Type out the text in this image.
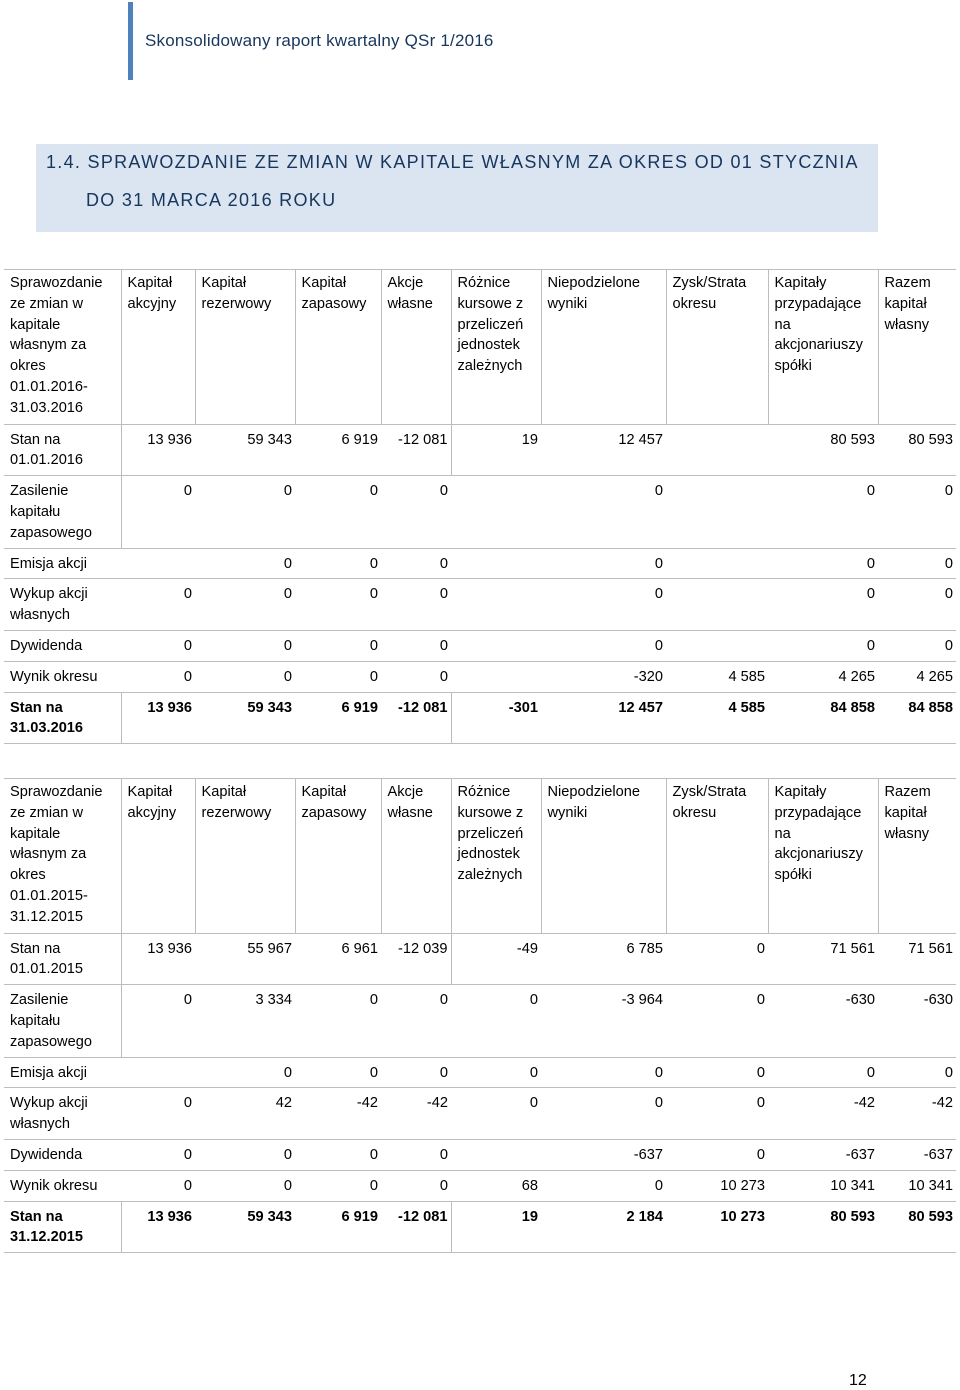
Skonsolidowany raport kwartalny QSr 1/2016
1.4. SPRAWOZDANIE ZE ZMIAN W KAPITALE WŁASNYM ZA OKRES OD 01 STYCZNIA
DO 31 MARCA 2016 ROKU
Sprawozdanie ze zmian w kapitale własnym za okres 01.01.2016-31.03.2016	Kapitał akcyjny	Kapitał rezerwowy	Kapitał zapasowy	Akcje własne	Różnice kursowe z przeliczeń jednostek zależnych	Niepodzielone wyniki	Zysk/Strata okresu	Kapitały przypadające na akcjonariuszy spółki	Razem kapitał własny
Stan na 01.01.2016	13 936	59 343	6 919	-12 081	19	12 457		80 593	80 593
Zasilenie kapitału zapasowego	0	0	0	0		0		0	0
Emisja akcji		0	0	0		0		0	0
Wykup akcji własnych	0	0	0	0		0		0	0
Dywidenda	0	0	0	0		0		0	0
Wynik okresu	0	0	0	0		-320	4 585	4 265	4 265
Stan na 31.03.2016	13 936	59 343	6 919	-12 081	-301	12 457	4 585	84 858	84 858
Sprawozdanie ze zmian w kapitale własnym za okres 01.01.2015-31.12.2015	Kapitał akcyjny	Kapitał rezerwowy	Kapitał zapasowy	Akcje własne	Różnice kursowe z przeliczeń jednostek zależnych	Niepodzielone wyniki	Zysk/Strata okresu	Kapitały przypadające na akcjonariuszy spółki	Razem kapitał własny
Stan na 01.01.2015	13 936	55 967	6 961	-12 039	-49	6 785	0	71 561	71 561
Zasilenie kapitału zapasowego	0	3 334	0	0	0	-3 964	0	-630	-630
Emisja akcji		0	0	0	0	0	0	0	0
Wykup akcji własnych	0	42	-42	-42	0	0	0	-42	-42
Dywidenda	0	0	0	0		-637	0	-637	-637
Wynik okresu	0	0	0	0	68	0	10 273	10 341	10 341
Stan na 31.12.2015	13 936	59 343	6 919	-12 081	19	2 184	10 273	80 593	80 593
12
